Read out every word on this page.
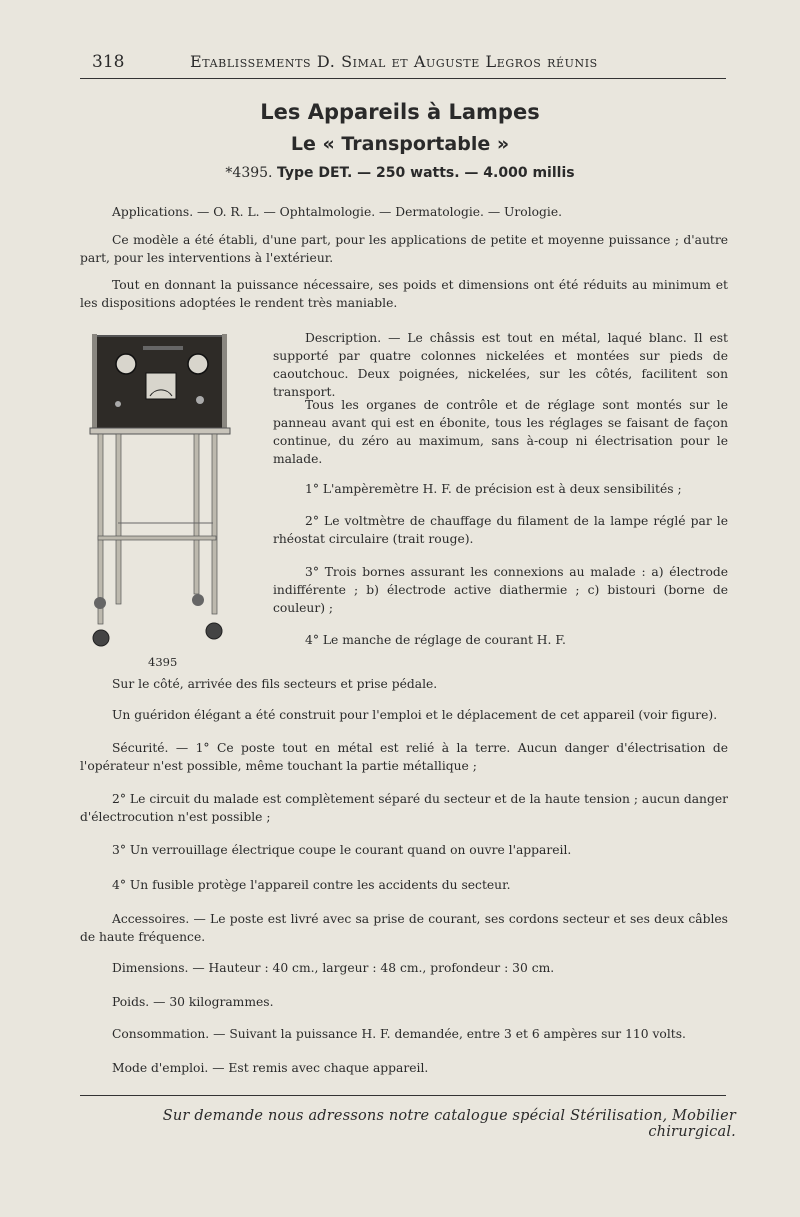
318	Etablissements D. Simal et Auguste Legros réunis
Les Appareils à Lampes
Le « Transportable »
*4395. Type DET. — 250 watts. — 4.000 millis
Applications. — O. R. L. — Ophtalmologie. — Dermatologie. — Urologie.
Ce modèle a été établi, d'une part, pour les applications de petite et moyenne puissance ; d'autre part, pour les interventions à l'extérieur.
Tout en donnant la puissance nécessaire, ses poids et dimensions ont été réduits au minimum et les dispositions adoptées le rendent très maniable.
4395
Description. — Le châssis est tout en métal, laqué blanc. Il est supporté par quatre colonnes nickelées et montées sur pieds de caoutchouc. Deux poignées, nickelées, sur les côtés, facilitent son transport.
Tous les organes de contrôle et de réglage sont montés sur le panneau avant qui est en ébonite, tous les réglages se faisant de façon continue, du zéro au maximum, sans à-coup ni électrisation pour le malade.
1° L'ampèremètre H. F. de précision est à deux sensibilités ;
2° Le voltmètre de chauffage du filament de la lampe réglé par le rhéostat circulaire (trait rouge).
3° Trois bornes assurant les connexions au malade : a) électrode indifférente ; b) électrode active diathermie ; c) bistouri (borne de couleur) ;
4° Le manche de réglage de courant H. F.
Sur le côté, arrivée des fils secteurs et prise pédale.
Un guéridon élégant a été construit pour l'emploi et le déplacement de cet appareil (voir figure).
Sécurité. — 1° Ce poste tout en métal est relié à la terre. Aucun danger d'électrisation de l'opérateur n'est possible, même touchant la partie métallique ;
2° Le circuit du malade est complètement séparé du secteur et de la haute tension ; aucun danger d'électrocution n'est possible ;
3° Un verrouillage électrique coupe le courant quand on ouvre l'appareil.
4° Un fusible protège l'appareil contre les accidents du secteur.
Accessoires. — Le poste est livré avec sa prise de courant, ses cordons secteur et ses deux câbles de haute fréquence.
Dimensions. — Hauteur : 40 cm., largeur : 48 cm., profondeur : 30 cm.
Poids. — 30 kilogrammes.
Consommation. — Suivant la puissance H. F. demandée, entre 3 et 6 ampères sur 110 volts.
Mode d'emploi. — Est remis avec chaque appareil.
Sur demande nous adressons notre catalogue spécial Stérilisation, Mobilier chirurgical.
